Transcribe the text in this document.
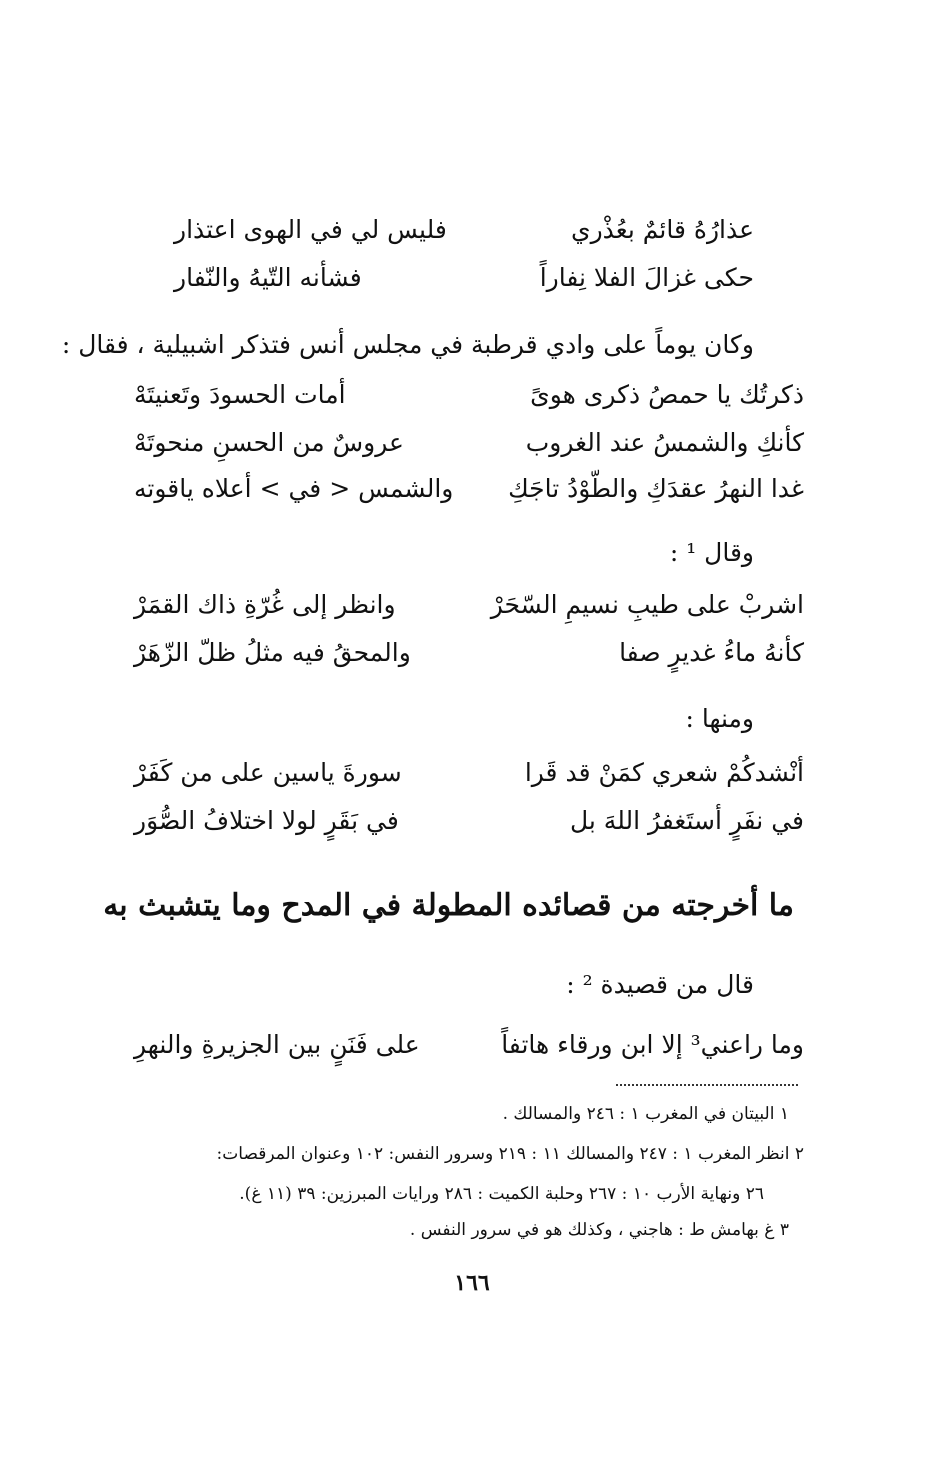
عذارُهُ قائمٌ بعُذْري
فليس لي في الهوى اعتذار
حكى غزالَ الفلا نِفاراً
فشأنه التّيهُ والنّفار
وكان يوماً على وادي قرطبة في مجلس أنس فتذكر اشبيلية ، فقال :
ذكرتُك يا حمصُ ذكرى هوىً
أمات الحسودَ وتَعنيتَهْ
كأنكِ والشمسُ عند الغروب
عروسٌ من الحسنِ منحوتَهْ
غدا النهرُ عقدَكِ والطّوْدُ تاجَكِ
والشمس < في > أعلاه ياقوته
وقال ¹ :
اشربْ على طيبِ نسيمِ السّحَرْ
وانظر إلى غُرّةِ ذاك القمَرْ
كأنهُ ماءُ غديرٍ صفا
والمحقُ فيه مثلُ ظلّ الزّهَرْ
ومنها :
أنْشدكُمْ شعري كمَنْ قد قَرا
سورةَ ياسين على من كَفَرْ
في نفَرٍ أستَغفرُ اللهَ بل
في بَقَرٍ لولا اختلافُ الصُّوَر
ما أخرجته من قصائده المطولة في المدح وما يتشبث به
قال من قصيدة ² :
وما راعني³ إلا ابن ورقاء هاتفاً
على فَنَنٍ بين الجزيرةِ والنهرِ
١ البيتان في المغرب ١ : ٢٤٦ والمسالك .
٢ انظر المغرب ١ : ٢٤٧ والمسالك ١١ : ٢١٩ وسرور النفس: ١٠٢ وعنوان المرقصات:
٢٦ ونهاية الأرب ١٠ : ٢٦٧ وحلبة الكميت : ٢٨٦ ورايات المبرزين: ٣٩ (١١ غ).
٣ غ بهامش ط : هاجني ، وكذلك هو في سرور النفس .
١٦٦
